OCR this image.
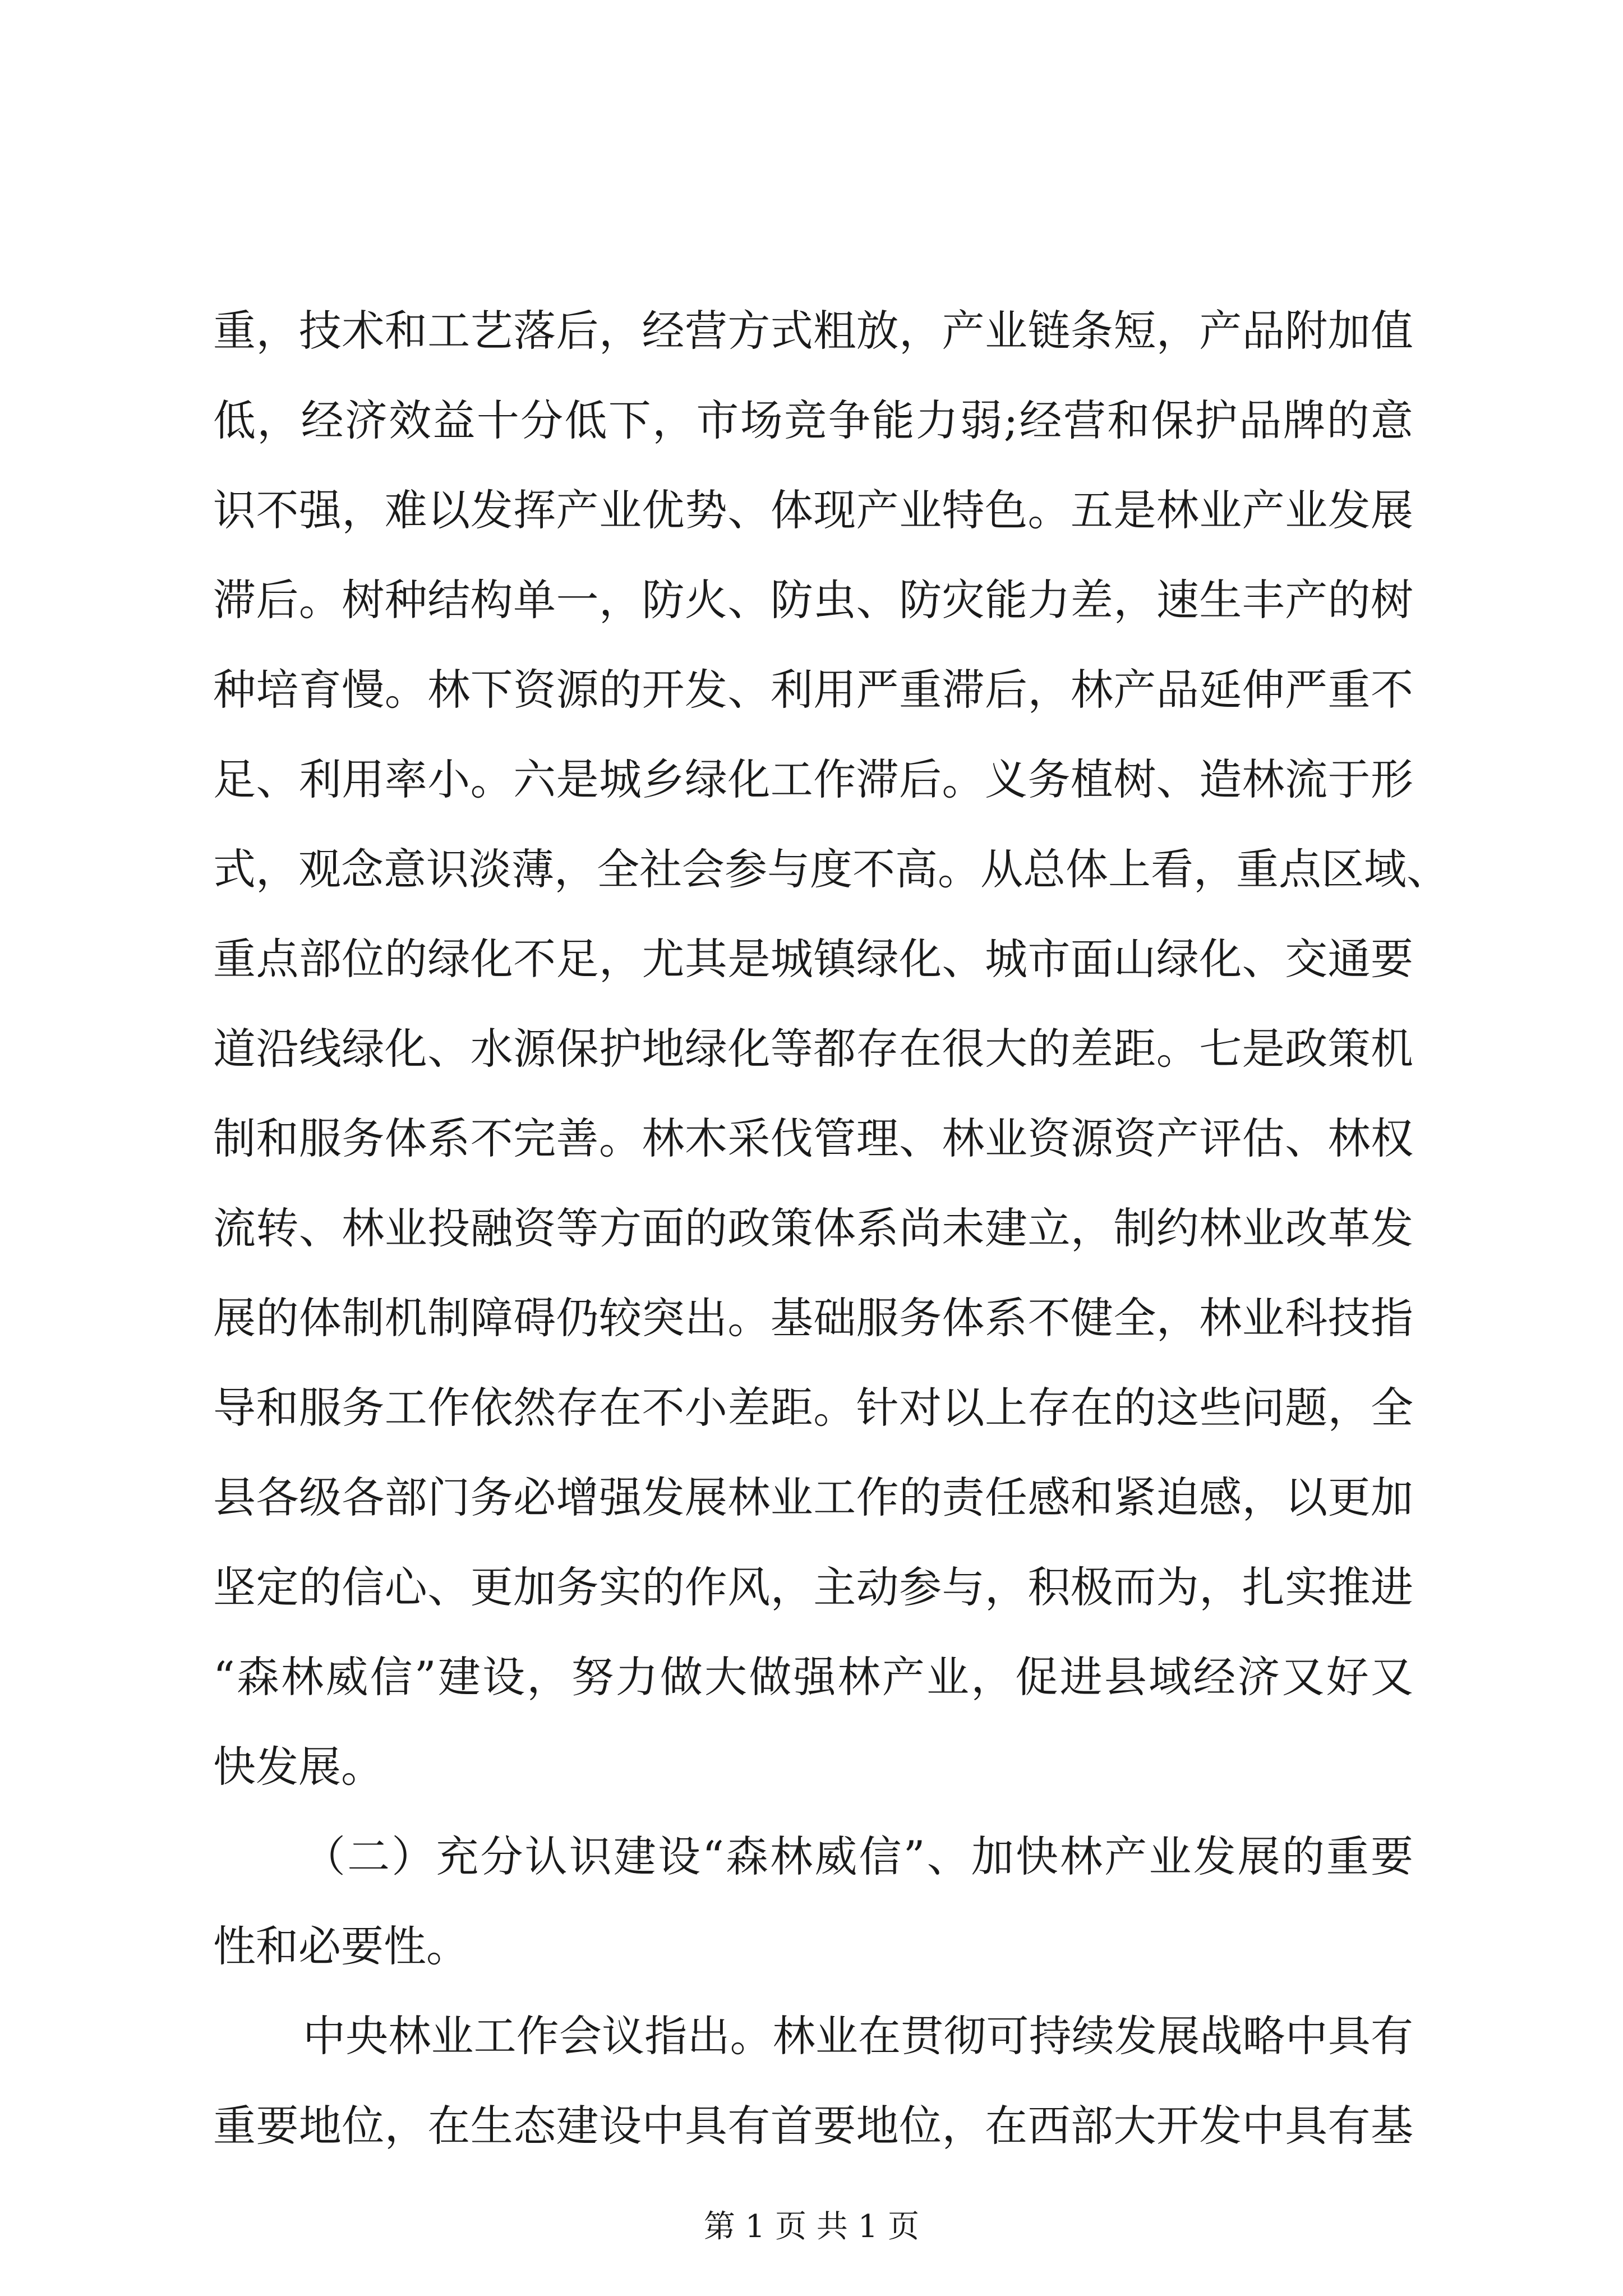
重，技术和工艺落后，经营方式粗放，产业链条短，产品附加值
低，经济效益十分低下，市场竞争能力弱;经营和保护品牌的意
识不强，难以发挥产业优势、体现产业特色。五是林业产业发展
滞后。树种结构单一，防火、防虫、防灾能力差，速生丰产的树
种培育慢。林下资源的开发、利用严重滞后，林产品延伸严重不
足、利用率小。六是城乡绿化工作滞后。义务植树、造林流于形
式，观念意识淡薄，全社会参与度不高。从总体上看，重点区域、
重点部位的绿化不足，尤其是城镇绿化、城市面山绿化、交通要
道沿线绿化、水源保护地绿化等都存在很大的差距。七是政策机
制和服务体系不完善。林木采伐管理、林业资源资产评估、林权
流转、林业投融资等方面的政策体系尚未建立，制约林业改革发
展的体制机制障碍仍较突出。基础服务体系不健全，林业科技指
导和服务工作依然存在不小差距。针对以上存在的这些问题，全
县各级各部门务必增强发展林业工作的责任感和紧迫感，以更加
坚定的信心、更加务实的作风，主动参与，积极而为，扎实推进
“森林威信”建设，努力做大做强林产业，促进县域经济又好又
快发展。
（二）充分认识建设“森林威信”、加快林产业发展的重要
性和必要性。
中央林业工作会议指出。林业在贯彻可持续发展战略中具有
重要地位，在生态建设中具有首要地位，在西部大开发中具有基
第 1 页 共 1 页
